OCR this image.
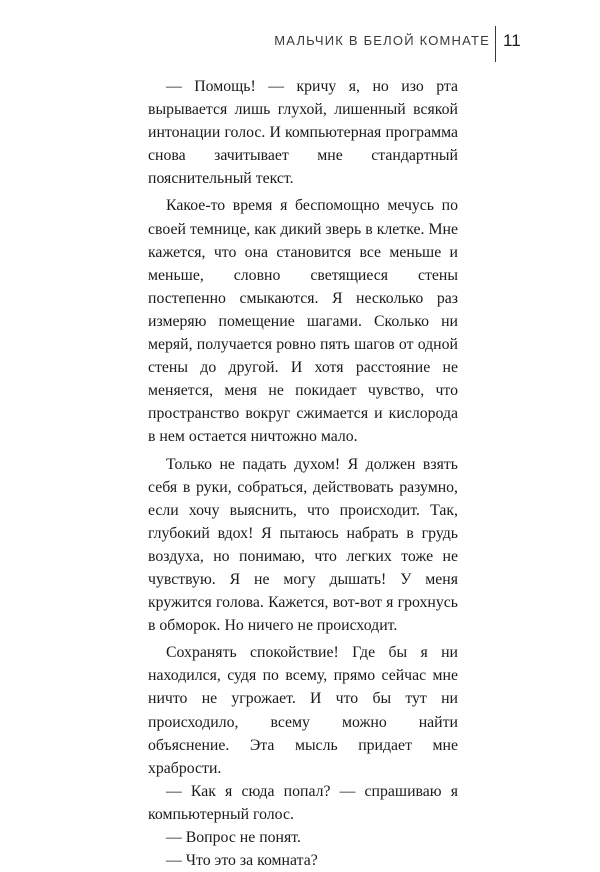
МАЛЬЧИК В БЕЛОЙ КОМНАТЕ 11

— Помощь! — кричу я, но изо рта вырывается лишь глухой, лишенный всякой интонации голос. И компьютерная программа снова зачитывает мне стандартный пояснительный текст.

Какое-то время я беспомощно мечусь по своей темнице, как дикий зверь в клетке. Мне кажется, что она становится все меньше и меньше, словно светящиеся стены постепенно смыкаются. Я несколько раз измеряю помещение шагами. Сколько ни меряй, получается ровно пять шагов от одной стены до другой. И хотя расстояние не меняется, меня не покидает чувство, что пространство вокруг сжимается и кислорода в нем остается ничтожно мало.

Только не падать духом! Я должен взять себя в руки, собраться, действовать разумно, если хочу выяснить, что происходит. Так, глубокий вдох! Я пытаюсь набрать в грудь воздуха, но понимаю, что легких тоже не чувствую. Я не могу дышать! У меня кружится голова. Кажется, вот-вот я грохнусь в обморок. Но ничего не происходит.

Сохранять спокойствие! Где бы я ни находился, судя по всему, прямо сейчас мне ничто не угрожает. И что бы тут ни происходило, всему можно найти объяснение. Эта мысль придает мне храбрости.

— Как я сюда попал? — спрашиваю я компьютерный голос.

— Вопрос не понят.

— Что это за комната?
